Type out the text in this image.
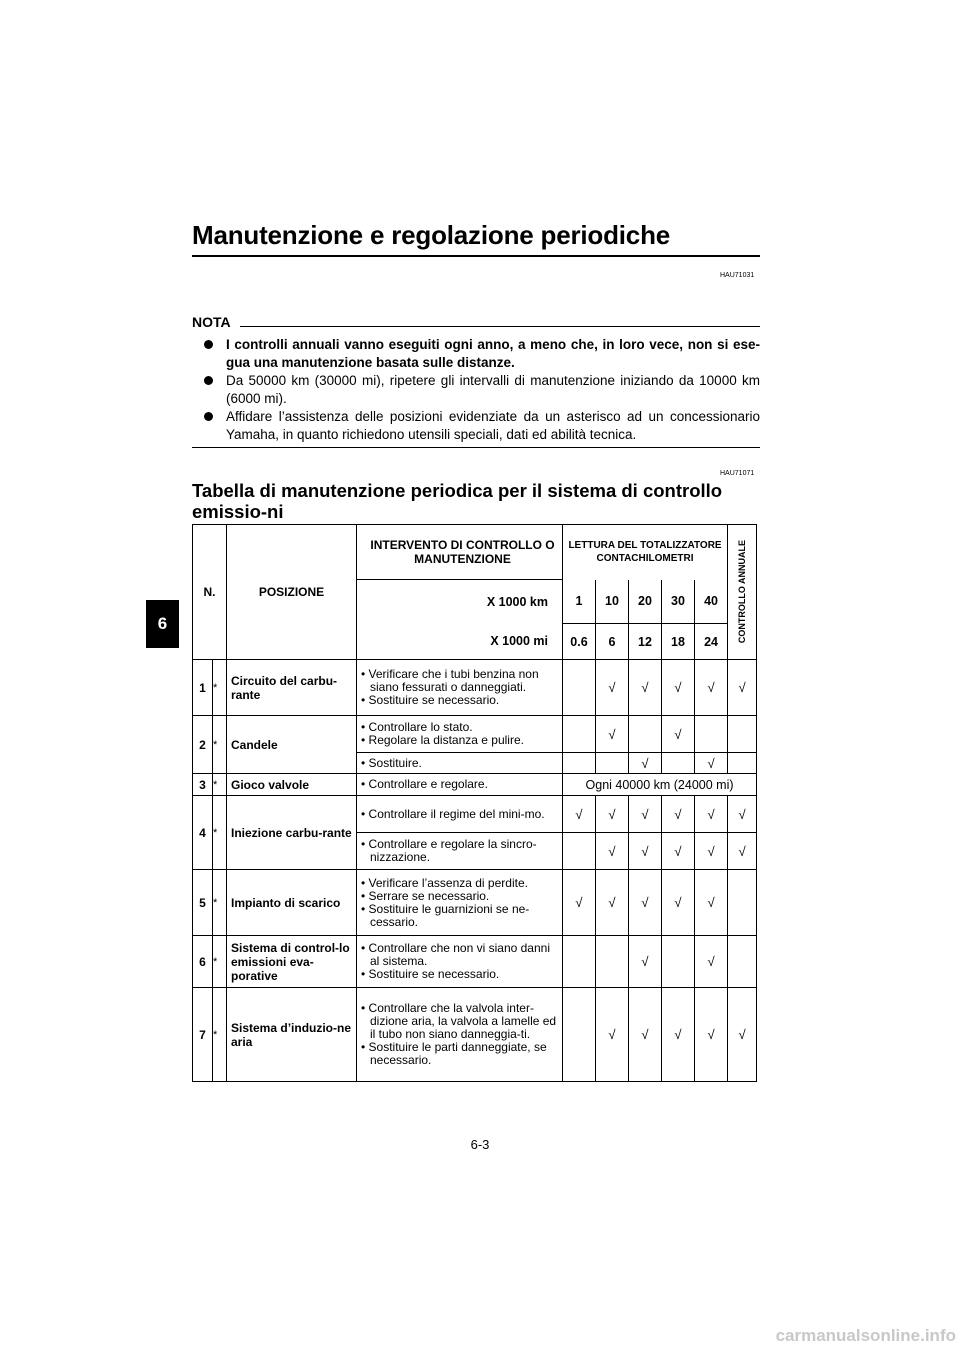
Manutenzione e regolazione periodiche
6
HAU71031
NOTA
I controlli annuali vanno eseguiti ogni anno, a meno che, in loro vece, non si ese-gua una manutenzione basata sulle distanze.
Da 50000 km (30000 mi), ripetere gli intervalli di manutenzione iniziando da 10000 km (6000 mi).
Affidare l’assistenza delle posizioni evidenziate da un asterisco ad un concessionario Yamaha, in quanto richiedono utensili speciali, dati ed abilità tecnica.
HAU71071
Tabella di manutenzione periodica per il sistema di controllo emissio-ni
N.		POSIZIONE	INTERVENTO DI CONTROLLO O MANUTENZIONE	LETTURA DEL TOTALIZZATORE CONTACHILOMETRI					CONTROLLO ANNUALE

			X 1000 km	1	10	20	30	40	
			X 1000 mi	0.6	6	12	18	24	
1	*	Circuito del carbu-rante	• Verificare che i tubi benzina non siano fessurati o danneggiati.
• Sostituire se necessario.		√	√	√	√	√
2	*	Candele	• Controllare lo stato.
• Regolare la distanza e pulire.		√		√		

			• Sostituire.			√		√	
3	*	Gioco valvole	• Controllare e regolare.	Ogni 40000 km (24000 mi)					
4	*	Iniezione carbu-rante	• Controllare il regime del mini-mo.	√	√	√	√	√	√

			• Controllare e regolare la sincro-nizzazione.		√	√	√	√	√
5	*	Impianto di scarico	• Verificare l’assenza di perdite.
• Serrare se necessario.
• Sostituire le guarnizioni se ne-cessario.	√	√	√	√	√	
6	*	Sistema di control-lo emissioni eva-porative	• Controllare che non vi siano danni al sistema.
• Sostituire se necessario.			√		√	
7	*	Sistema d’induzio-ne aria	• Controllare che la valvola inter-dizione aria, la valvola a lamelle ed il tubo non siano danneggia-ti.
• Sostituire le parti danneggiate, se necessario.		√	√	√	√	√
6-3
carmanualsonline.info
